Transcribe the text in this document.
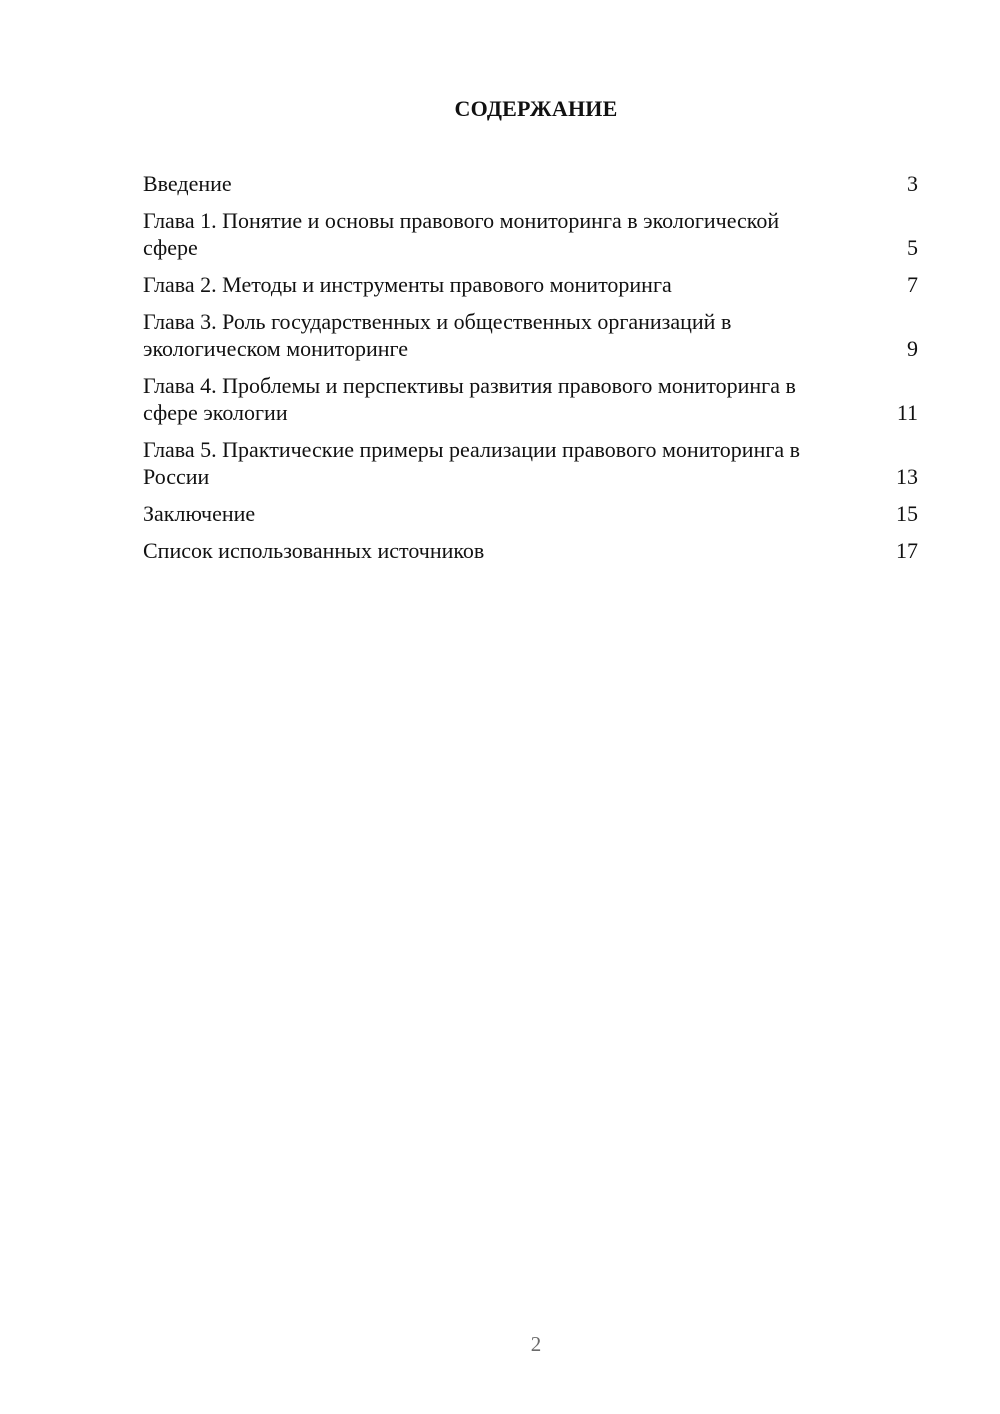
СОДЕРЖАНИЕ
Введение	3
Глава 1. Понятие и основы правового мониторинга в экологической сфере	5
Глава 2. Методы и инструменты правового мониторинга	7
Глава 3. Роль государственных и общественных организаций в экологическом мониторинге	9
Глава 4. Проблемы и перспективы развития правового мониторинга в сфере экологии	11
Глава 5. Практические примеры реализации правового мониторинга в России	13
Заключение	15
Список использованных источников	17
2
